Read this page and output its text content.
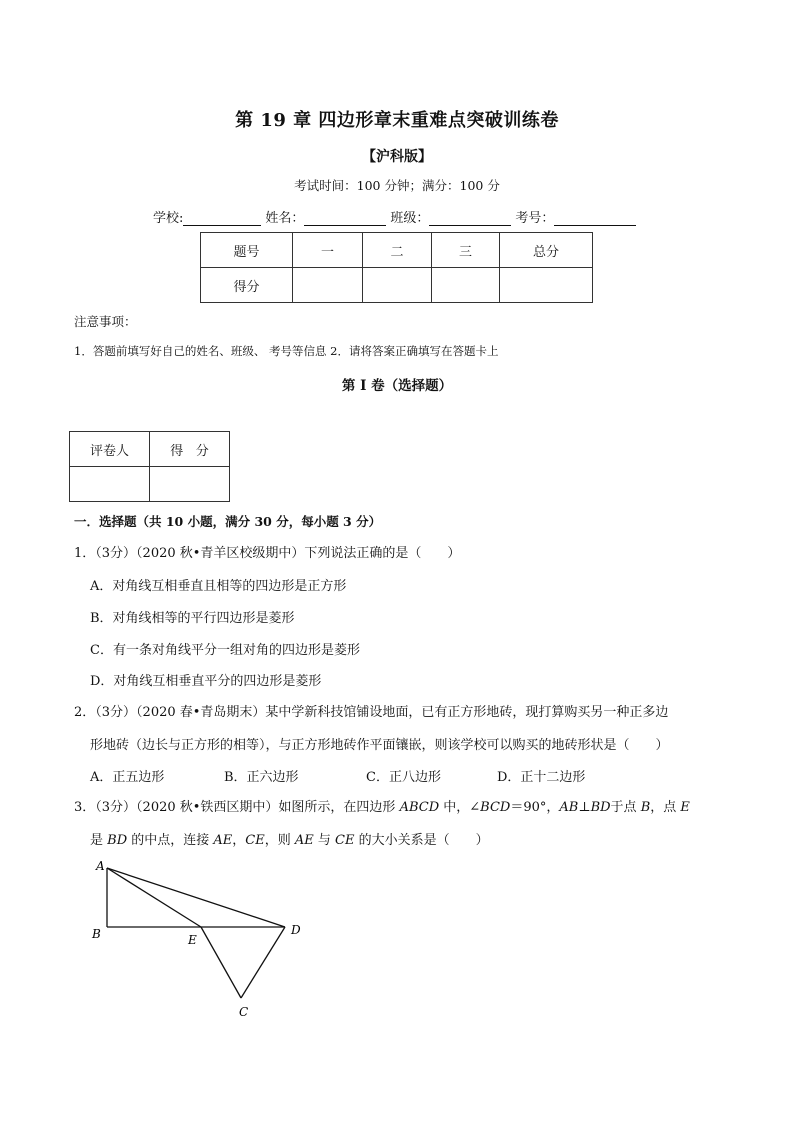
第 19 章 四边形章末重难点突破训练卷
【沪科版】
考试时间：100 分钟；满分：100 分
学校:	姓名：	班级：	考号：
题号	一	二	三	总分
得分				
注意事项：
1．答题前填写好自己的姓名、班级、 考号等信息 2．请将答案正确填写在答题卡上
第 I 卷（选择题）
评卷人	得   分

一．选择题（共 10 小题，满分 30 分，每小题 3 分）
1．（3分）（2020 秋•青羊区校级期中）下列说法正确的是（　　）
A．对角线互相垂直且相等的四边形是正方形
B．对角线相等的平行四边形是菱形
C．有一条对角线平分一组对角的四边形是菱形
D．对角线互相垂直平分的四边形是菱形
2．（3分）（2020 春•青岛期末）某中学新科技馆铺设地面，已有正方形地砖，现打算购买另一种正多边
形地砖（边长与正方形的相等），与正方形地砖作平面镶嵌，则该学校可以购买的地砖形状是（　　）
A．正五边形	B．正六边形	C．正八边形	D．正十二边形
3．（3分）（2020 秋•铁西区期中）如图所示，在四边形 ABCD 中，∠BCD＝90°，AB⊥BD于点 B，点 E
是 BD 的中点，连接 AE，CE，则 AE 与 CE 的大小关系是（　　）
A
B	E
D
C
